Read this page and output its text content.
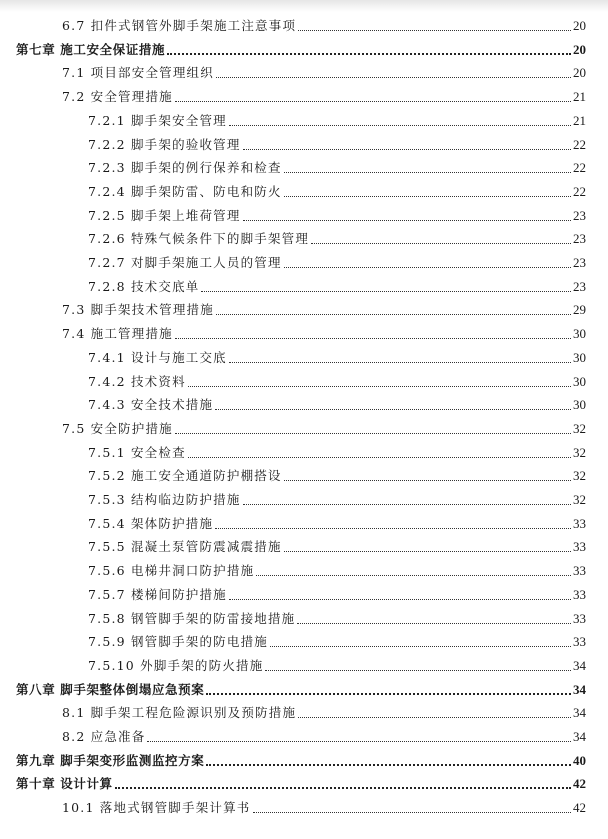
6.7 扣件式钢管外脚手架施工注意事项	20
第七章 施工安全保证措施	20
7.1 项目部安全管理组织	20
7.2 安全管理措施	21
7.2.1 脚手架安全管理	21
7.2.2 脚手架的验收管理	22
7.2.3 脚手架的例行保养和检查	22
7.2.4 脚手架防雷、防电和防火	22
7.2.5 脚手架上堆荷管理	23
7.2.6 特殊气候条件下的脚手架管理	23
7.2.7 对脚手架施工人员的管理	23
7.2.8 技术交底单	23
7.3 脚手架技术管理措施	29
7.4 施工管理措施	30
7.4.1 设计与施工交底	30
7.4.2 技术资料	30
7.4.3 安全技术措施	30
7.5 安全防护措施	32
7.5.1 安全检查	32
7.5.2 施工安全通道防护棚搭设	32
7.5.3 结构临边防护措施	32
7.5.4 架体防护措施	33
7.5.5 混凝土泵管防震减震措施	33
7.5.6 电梯井洞口防护措施	33
7.5.7 楼梯间防护措施	33
7.5.8 钢管脚手架的防雷接地措施	33
7.5.9 钢管脚手架的防电措施	33
7.5.10 外脚手架的防火措施	34
第八章 脚手架整体倒塌应急预案	34
8.1 脚手架工程危险源识别及预防措施	34
8.2 应急准备	34
第九章 脚手架变形监测监控方案	40
第十章 设计计算	42
10.1 落地式钢管脚手架计算书	42
